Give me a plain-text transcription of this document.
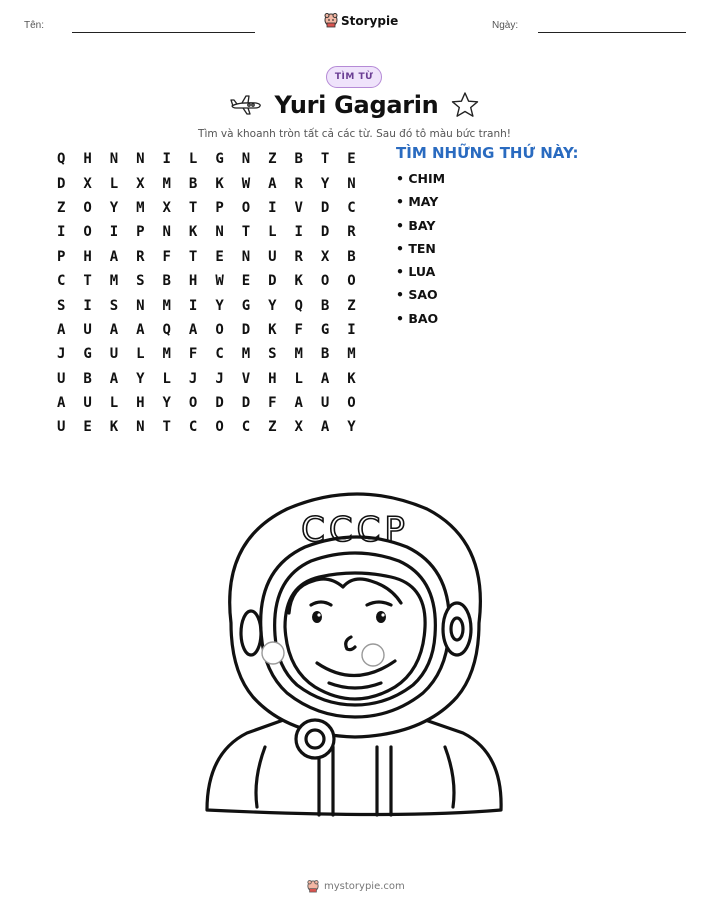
Tên:	Storypie	Ngày:
TÌM TỪ
Yuri Gagarin
Tìm và khoanh tròn tất cả các từ. Sau đó tô màu bức tranh!
Q	H	N	N	I	L	G	N	Z	B	T	E
D	X	L	X	M	B	K	W	A	R	Y	N
Z	O	Y	M	X	T	P	O	I	V	D	C
I	O	I	P	N	K	N	T	L	I	D	R
P	H	A	R	F	T	E	N	U	R	X	B
C	T	M	S	B	H	W	E	D	K	O	O
S	I	S	N	M	I	Y	G	Y	Q	B	Z
A	U	A	A	Q	A	O	D	K	F	G	I
J	G	U	L	M	F	C	M	S	M	B	M
U	B	A	Y	L	J	J	V	H	L	A	K
A	U	L	H	Y	O	D	D	F	A	U	O
U	E	K	N	T	C	O	C	Z	X	A	Y
TÌM NHỮNG THỨ NÀY:
• CHIM
• MAY
• BAY
• TEN
• LUA
• SAO
• BAO
CCCP
mystorypie.com
